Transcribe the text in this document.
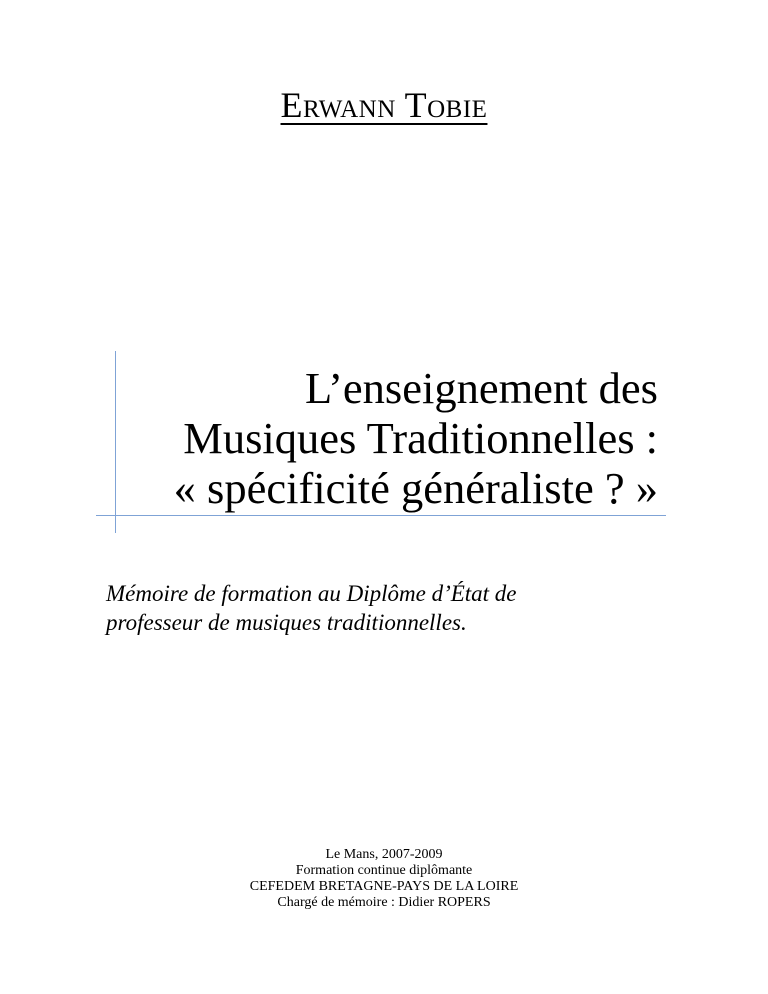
Erwann Tobie
L’enseignement des
Musiques Traditionnelles :
« spécificité généraliste ? »
Mémoire de formation au Diplôme d’État de
professeur de musiques traditionnelles.
Le Mans, 2007-2009
Formation continue diplômante
CEFEDEM BRETAGNE-PAYS DE LA LOIRE
Chargé de mémoire : Didier ROPERS
